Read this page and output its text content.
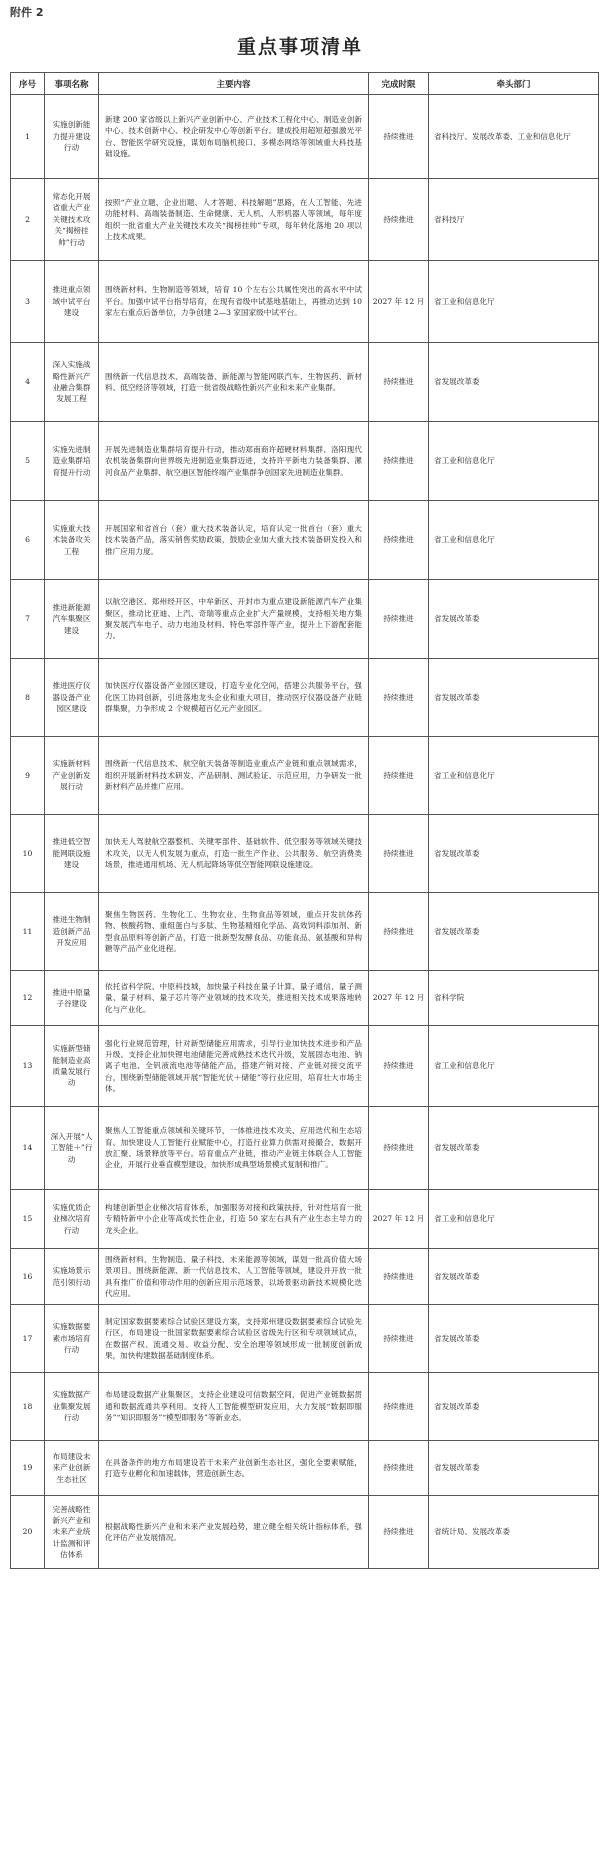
附件 2
重点事项清单
序号	事项名称	主要内容	完成时限	牵头部门
1	实施创新能力提升建设行动	新建 200 家省级以上新兴产业创新中心、产业技术工程化中心、制造业创新中心、技术创新中心、校企研发中心等创新平台。建成投用超短超强激光平台、智能医学研究设施，谋划布局脑机接口、多模态网络等领域重大科技基础设施。	持续推进	省科技厅、发展改革委、工业和信息化厅
2	常态化开展省重大产业关键技术攻关“揭榜挂帅”行动	按照“产业立题、企业出题、人才答题、科技解题”思路，在人工智能、先进功能材料、高端装备制造、生命健康、无人机、人形机器人等领域，每年度组织一批省重大产业关键技术攻关“揭榜挂帅”专项，每年转化落地 20 项以上技术成果。	持续推进	省科技厅
3	推进重点领域中试平台建设	围绕新材料、生物制造等领域，培育 10 个左右公共属性突出的高水平中试平台。加强中试平台指导培育，在现有省级中试基地基础上，再推动达到 10 家左右重点后备单位，力争创建 2—3 家国家级中试平台。	2027 年 12 月	省工业和信息化厅
4	深入实施战略性新兴产业融合集群发展工程	围绕新一代信息技术、高端装备、新能源与智能网联汽车、生物医药、新材料、低空经济等领域，打造一批省级战略性新兴产业和未来产业集群。	持续推进	省发展改革委
5	实施先进制造业集群培育提升行动	开展先进制造业集群培育提升行动，推动郑南商许超硬材料集群、洛阳现代农机装备集群向世界级先进制造业集群迈进，支持许平新电力装备集群、漯河食品产业集群、航空港区智能终端产业集群争创国家先进制造业集群。	持续推进	省工业和信息化厅
6	实施重大技术装备攻关工程	开展国家和省首台（套）重大技术装备认定，培育认定一批首台（套）重大技术装备产品，落实销售奖励政策，鼓励企业加大重大技术装备研发投入和推广应用力度。	持续推进	省工业和信息化厅
7	推进新能源汽车集聚区建设	以航空港区、郑州经开区、中牟新区、开封市为重点建设新能源汽车产业集聚区，推动比亚迪、上汽、奇瑞等重点企业扩大产量规模，支持相关地方集聚发展汽车电子、动力电池及材料、特色零部件等产业，提升上下游配套能力。	持续推进	省发展改革委
8	推进医疗仪器设备产业园区建设	加快医疗仪器设备产业园区建设，打造专业化空间，搭建公共服务平台，强化医工协同创新，引进落地龙头企业和重大项目，推动医疗仪器设备产业链群集聚，力争形成 2 个规模超百亿元产业园区。	持续推进	省发展改革委
9	实施新材料产业创新发展行动	围绕新一代信息技术、航空航天装备等制造业重点产业链和重点领域需求，组织开展新材料技术研发、产品研制、测试验证、示范应用，力争研发一批新材料产品并推广应用。	持续推进	省工业和信息化厅
10	推进低空智能网联设施建设	加快无人驾驶航空器整机、关键零部件、基础软件、低空服务等领域关键技术攻关，以无人机发展为重点，打造一批生产作业、公共服务、航空消费类场景，推进通用机场、无人机起降场等低空智能网联设施建设。	持续推进	省发展改革委
11	推进生物制造创新产品开发应用	聚焦生物医药、生物化工、生物农业、生物食品等领域，重点开发抗体药物、核酸药物、重组蛋白与多肽、生物基精细化学品、高效饲料添加剂、新型食品原料等创新产品，打造一批新型发酵食品、功能食品、氨基酸和异构糖等产品产业化进程。	持续推进	省发展改革委
12	推进中原量子谷建设	依托省科学院、中原科技城，加快量子科技在量子计算、量子通信、量子测量、量子材料、量子芯片等产业领域的技术攻关，推进相关技术成果落地转化与产业化。	2027 年 12 月	省科学院
13	实施新型储能制造业高质量发展行动	强化行业规范管理，针对新型储能应用需求，引导行业加快技术进步和产品升级。支持企业加快锂电池储能完善成熟技术迭代升级，发展固态电池、钠离子电池、全钒液流电池等储能产品，搭建产销对接、产业链对接交流平台，围绕新型储能领域开展“智能光伏＋储能”等行业应用，培育壮大市场主体。	持续推进	省工业和信息化厅
14	深入开展“人工智能＋”行动	聚焦人工智能重点领域和关键环节，一体推进技术攻关、应用迭代和生态培育。加快建设人工智能行业赋能中心，打造行业算力供需对接撮合、数据开放汇聚、场景释放等平台。培育重点产业链，推动产业链主体联合人工智能企业，开展行业垂直模型建设，加快形成典型场景模式复制和推广。	持续推进	省发展改革委
15	实施优质企业梯次培育行动	构建创新型企业梯次培育体系，加强服务对接和政策扶持，针对性培育一批专精特新中小企业等高成长性企业，打造 50 家左右具有产业生态主导力的龙头企业。	2027 年 12 月	省工业和信息化厅
16	实施场景示范引领行动	围绕新材料、生物制造、量子科技、未来能源等领域，谋划一批高价值大场景项目。围绕新能源、新一代信息技术、人工智能等领域，建设并开放一批具有推广价值和带动作用的创新应用示范场景，以场景驱动新技术规模化迭代应用。	持续推进	省发展改革委
17	实施数据要素市场培育行动	制定国家数据要素综合试验区建设方案，支持郑州建设数据要素综合试验先行区，布局建设一批国家数据要素综合试验区省级先行区和专项领域试点，在数据产权、流通交易、收益分配、安全治理等领域形成一批制度创新成果，加快构建数据基础制度体系。	持续推进	省发展改革委
18	实施数据产业集聚发展行动	布局建设数据产业集聚区，支持企业建设可信数据空间，促进产业链数据贯通和数据流通共享利用。支持人工智能模型研发应用，大力发展“数据即服务”“知识即服务”“模型即服务”等新业态。	持续推进	省发展改革委
19	布局建设未来产业创新生态社区	在具备条件的地方布局建设若干未来产业创新生态社区，强化全要素赋能，打造专业孵化和加速载体，营造创新生态。	持续推进	省发展改革委
20	完善战略性新兴产业和未来产业统计监测和评估体系	根据战略性新兴产业和未来产业发展趋势，建立健全相关统计指标体系，强化评估产业发展情况。	持续推进	省统计局、发展改革委
